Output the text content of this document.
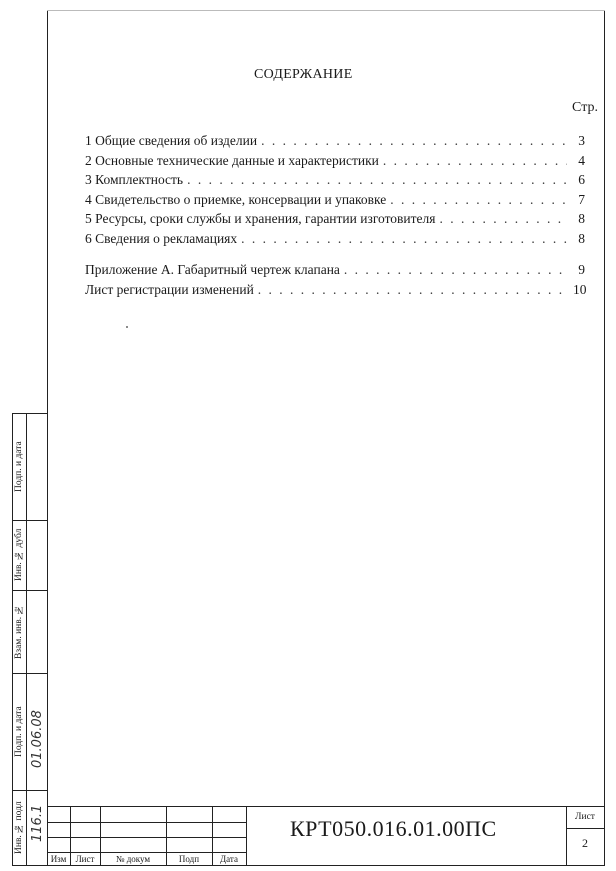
СОДЕРЖАНИЕ
Стр.
1 Общие сведения об изделии . . .	3
2 Основные технические данные и характеристики . . .	4
3 Комплектность . . .	6
4 Свидетельство о приемке, консервации и упаковке . . .	7
5 Ресурсы, сроки службы и хранения, гарантии изготовителя . . .	8
6 Сведения о рекламациях . . .	8
Приложение А. Габаритный чертеж клапана . . .	9
Лист регистрации изменений . . .	10
Подп. и дата
Инв. № дубл
Взам. инв. №
Подп. и дата
Инв. № подл
01.06.08
116.1
Изм	Лист	№ докум	Подп	Дата
КРТ050.016.01.00ПС	Лист
2
